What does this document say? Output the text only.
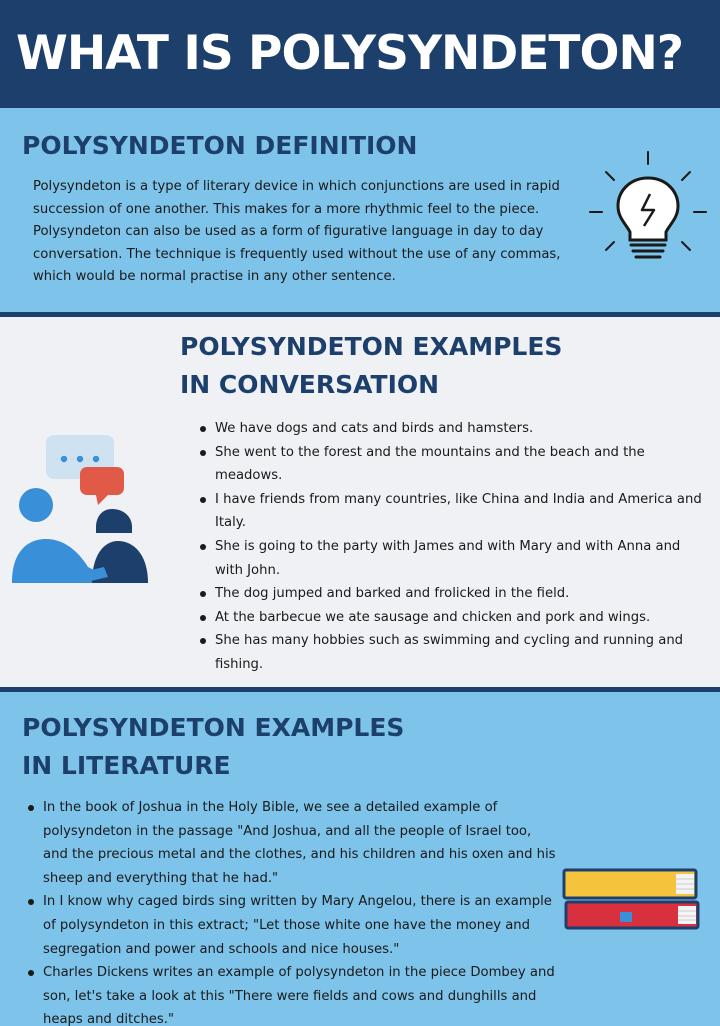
WHAT IS POLYSYNDETON?
POLYSYNDETON DEFINITION

Polysyndeton is a type of literary device in which conjunctions are used in rapid succession of one another. This makes for a more rhythmic feel to the piece. Polysyndeton can also be used as a form of figurative language in day to day conversation. The technique is frequently used without the use of any commas, which would be normal practise in any other sentence.

POLYSYNDETON EXAMPLES
IN CONVERSATION
We have dogs and cats and birds and hamsters.
She went to the forest and the mountains and the beach and the meadows.
I have friends from many countries, like China and India and America and Italy.
She is going to the party with James and with Mary and with Anna and with John.
The dog jumped and barked and frolicked in the field.
At the barbecue we ate sausage and chicken and pork and wings.
She has many hobbies such as swimming and cycling and running and fishing.
POLYSYNDETON EXAMPLES
IN LITERATURE
In the book of Joshua in the Holy Bible, we see a detailed example of polysyndeton in the passage "And Joshua, and all the people of Israel too, and the precious metal and the clothes, and his children and his oxen and his sheep and everything that he had."
In I know why caged birds sing written by Mary Angelou, there is an example of polysyndeton in this extract; "Let those white one have the money and segregation and power and schools and nice houses."
Charles Dickens writes an example of polysyndeton in the piece Dombey and son, let's take a look at this "There were fields and cows and dunghills and heaps and ditches."
